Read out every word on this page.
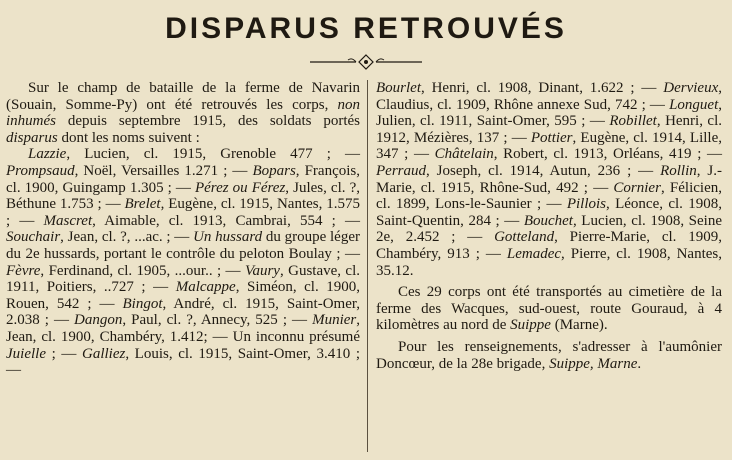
DISPARUS RETROUVÉS

Sur le champ de bataille de la ferme de Navarin (Souain, Somme-Py) ont été retrouvés les corps, non inhumés depuis septembre 1915, des soldats portés disparus dont les noms suivent :

Lazzie, Lucien, cl. 1915, Grenoble 477 ; — Prompsaud, Noël, Versailles 1.271 ; — Bopars, François, cl. 1900, Guingamp 1.305 ; — Pérez ou Férez, Jules, cl. ?, Béthune 1.753 ; — Brelet, Eugène, cl. 1915, Nantes, 1.575 ; — Mascret, Aimable, cl. 1913, Cambrai, 554 ; — Souchair, Jean, cl. ?, ...ac. ; — Un hussard du groupe léger du 2e hussards, portant le contrôle du peloton Boulay ; — Fèvre, Ferdinand, cl. 1905, ...our.. ; — Vaury, Gustave, cl. 1911, Poitiers, ..727 ; — Malcappe, Siméon, cl. 1900, Rouen, 542 ; — Bingot, André, cl. 1915, Saint-Omer, 2.038 ; — Dangon, Paul, cl. ?, Annecy, 525 ; — Munier, Jean, cl. 1900, Chambéry, 1.412; — Un inconnu présumé Juielle ; — Galliez, Louis, cl. 1915, Saint-Omer, 3.410 ; —

Bourlet, Henri, cl. 1908, Dinant, 1.622 ; — Dervieux, Claudius, cl. 1909, Rhône annexe Sud, 742 ; — Longuet, Julien, cl. 1911, Saint-Omer, 595 ; — Robillet, Henri, cl. 1912, Mézières, 137 ; — Pottier, Eugène, cl. 1914, Lille, 347 ; — Châtelain, Robert, cl. 1913, Orléans, 419 ; — Perraud, Joseph, cl. 1914, Autun, 236 ; — Rollin, J.-Marie, cl. 1915, Rhône-Sud, 492 ; — Cornier, Félicien, cl. 1899, Lons-le-Saunier ; — Pillois, Léonce, cl. 1908, Saint-Quentin, 284 ; — Bouchet, Lucien, cl. 1908, Seine 2e, 2.452 ; — Gotteland, Pierre-Marie, cl. 1909, Chambéry, 913 ; — Lemadec, Pierre, cl. 1908, Nantes, 35.12.

Ces 29 corps ont été transportés au cimetière de la ferme des Wacques, sud-ouest, route Gouraud, à 4 kilomètres au nord de Suippe (Marne).

Pour les renseignements, s'adresser à l'aumônier Doncœur, de la 28e brigade, Suippe, Marne.
